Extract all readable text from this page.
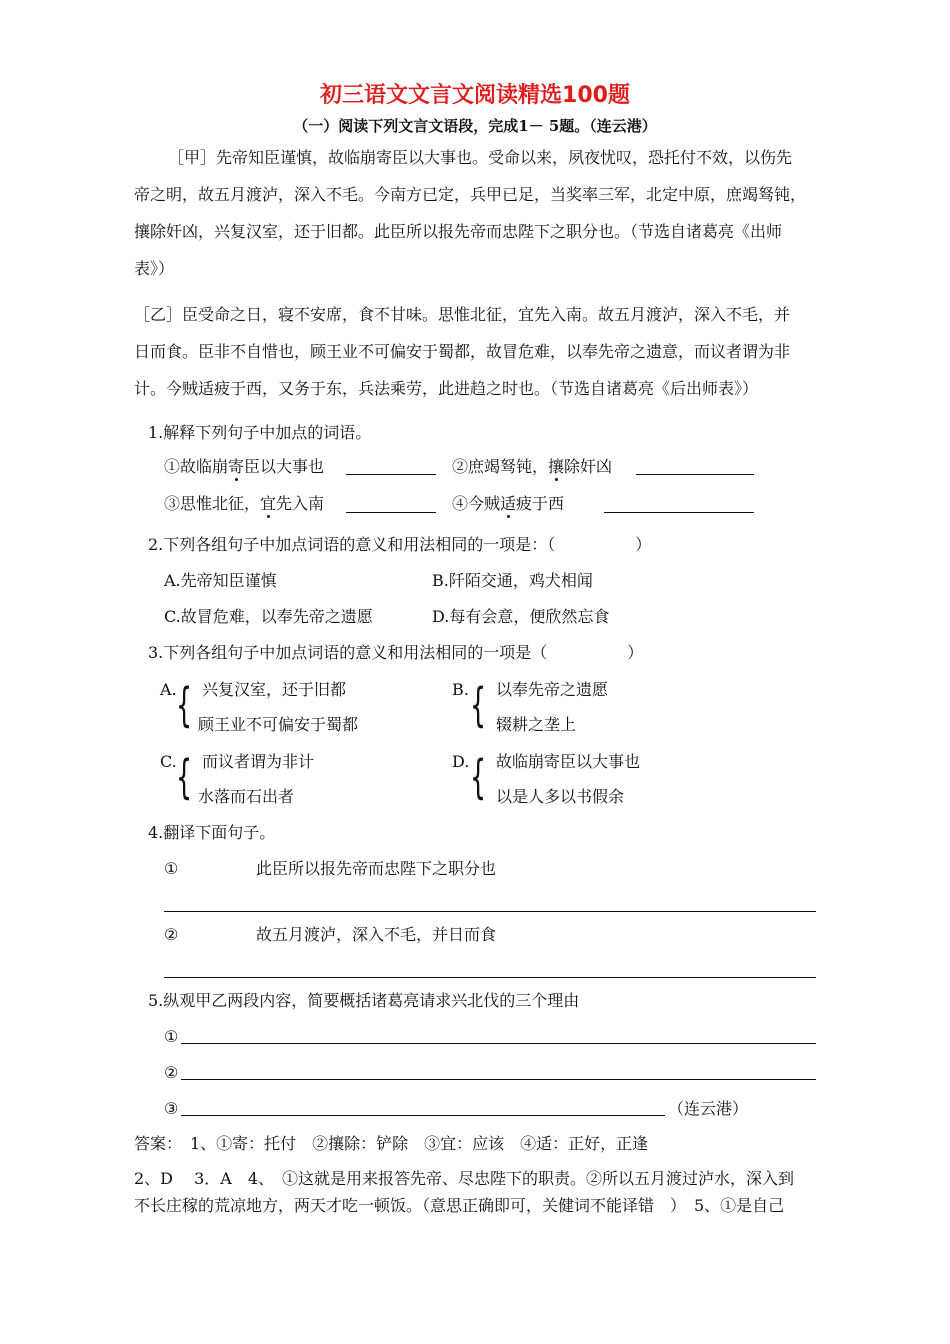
初三语文文言文阅读精选100题
（一）阅读下列文言文语段，完成1－ 5题。（连云港）

［甲］先帝知臣谨慎，故临崩寄臣以大事也。受命以来，夙夜忧叹，恐托付不效，以伤先

帝之明，故五月渡泸，深入不毛。今南方已定，兵甲已足，当奖率三军，北定中原，庶竭驽钝，

攘除奸凶，兴复汉室，还于旧都。此臣所以报先帝而忠陛下之职分也。（节选自诸葛亮《出师

表》）

［乙］臣受命之日，寝不安席，食不甘味。思惟北征，宜先入南。故五月渡泸，深入不毛，并

日而食。臣非不自惜也，顾王业不可偏安于蜀都，故冒危难，以奉先帝之遗意，而议者谓为非

计。今贼适疲于西，又务于东，兵法乘劳，此进趋之时也。（节选自诸葛亮《后出师表》）

1.解释下列句子中加点的词语。
①故临崩寄臣以大事也	②庶竭驽钝，攘除奸凶
③思惟北征，宜先入南	④今贼适疲于西
2.下列各组句子中加点词语的意义和用法相同的一项是：（　　　　　）
A.先帝知臣谨慎	B.阡陌交通，鸡犬相闻
C.故冒危难，以奉先帝之遗愿	D.每有会意，便欣然忘食
3.下列各组句子中加点词语的意义和用法相同的一项是（　　　　　）
A. { 兴复汉室，还于旧都
顾王业不可偏安于蜀都
B. { 以奉先帝之遗愿
辍耕之垄上
C. { 而议者谓为非计
水落而石出者
D. { 故临崩寄臣以大事也
以是人多以书假余
4.翻译下面句子。
①	此臣所以报先帝而忠陛下之职分也
②	故五月渡泸，深入不毛，并日而食
5.纵观甲乙两段内容，简要概括诸葛亮请求兴北伐的三个理由
①
②
③	（连云港）
答案：　1、①寄：托付　②攘除：铲除　③宜：应该　④适：正好，正逢
2、D　 3．A　4、　①这就是用来报答先帝、尽忠陛下的职责。②所以五月渡过泸水，深入到
不长庄稼的荒凉地方，两天才吃一顿饭。（意思正确即可，关健词不能译错　）　5、①是自己
